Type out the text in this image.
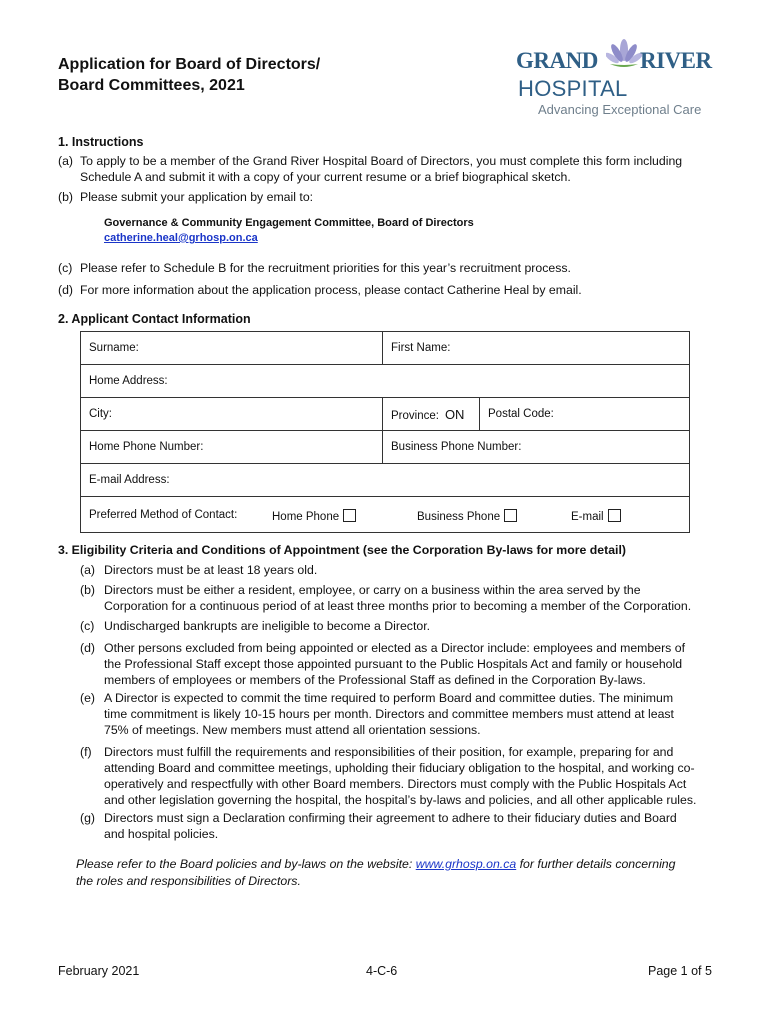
Application for Board of Directors/
Board Committees, 2021
GRAND RIVER
HOSPITAL
Advancing Exceptional Care
1. Instructions
(a) To apply to be a member of the Grand River Hospital Board of Directors, you must complete this form including
Schedule A and submit it with a copy of your current resume or a brief biographical sketch.
(b) Please submit your application by email to:
Governance & Community Engagement Committee, Board of Directors
catherine.heal@grhosp.on.ca
(c) Please refer to Schedule B for the recruitment priorities for this year’s recruitment process.
(d) For more information about the application process, please contact Catherine Heal by email.
2. Applicant Contact Information
Surname:	First Name:	
Home Address:		
City:	Province: ON	Postal Code:
Home Phone Number:	Business Phone Number:	
E-mail Address:		

Preferred Method of Contact: Home Phone Business Phone E-mail		
3. Eligibility Criteria and Conditions of Appointment (see the Corporation By-laws for more detail)
(a) Directors must be at least 18 years old.
(b) Directors must be either a resident, employee, or carry on a business within the area served by the
Corporation for a continuous period of at least three months prior to becoming a member of the Corporation.
(c) Undischarged bankrupts are ineligible to become a Director.
(d) Other persons excluded from being appointed or elected as a Director include: employees and members of
the Professional Staff except those appointed pursuant to the Public Hospitals Act and family or household
members of employees or members of the Professional Staff as defined in the Corporation By-laws.
(e) A Director is expected to commit the time required to perform Board and committee duties. The minimum
time commitment is likely 10-15 hours per month. Directors and committee members must attend at least
75% of meetings. New members must attend all orientation sessions.
(f) Directors must fulfill the requirements and responsibilities of their position, for example, preparing for and
attending Board and committee meetings, upholding their fiduciary obligation to the hospital, and working co-
operatively and respectfully with other Board members. Directors must comply with the Public Hospitals Act
and other legislation governing the hospital, the hospital’s by-laws and policies, and all other applicable rules.
(g) Directors must sign a Declaration confirming their agreement to adhere to their fiduciary duties and Board
and hospital policies.
Please refer to the Board policies and by-laws on the website: www.grhosp.on.ca for further details concerning
the roles and responsibilities of Directors.
February 2021	4-C-6	Page 1 of 5
